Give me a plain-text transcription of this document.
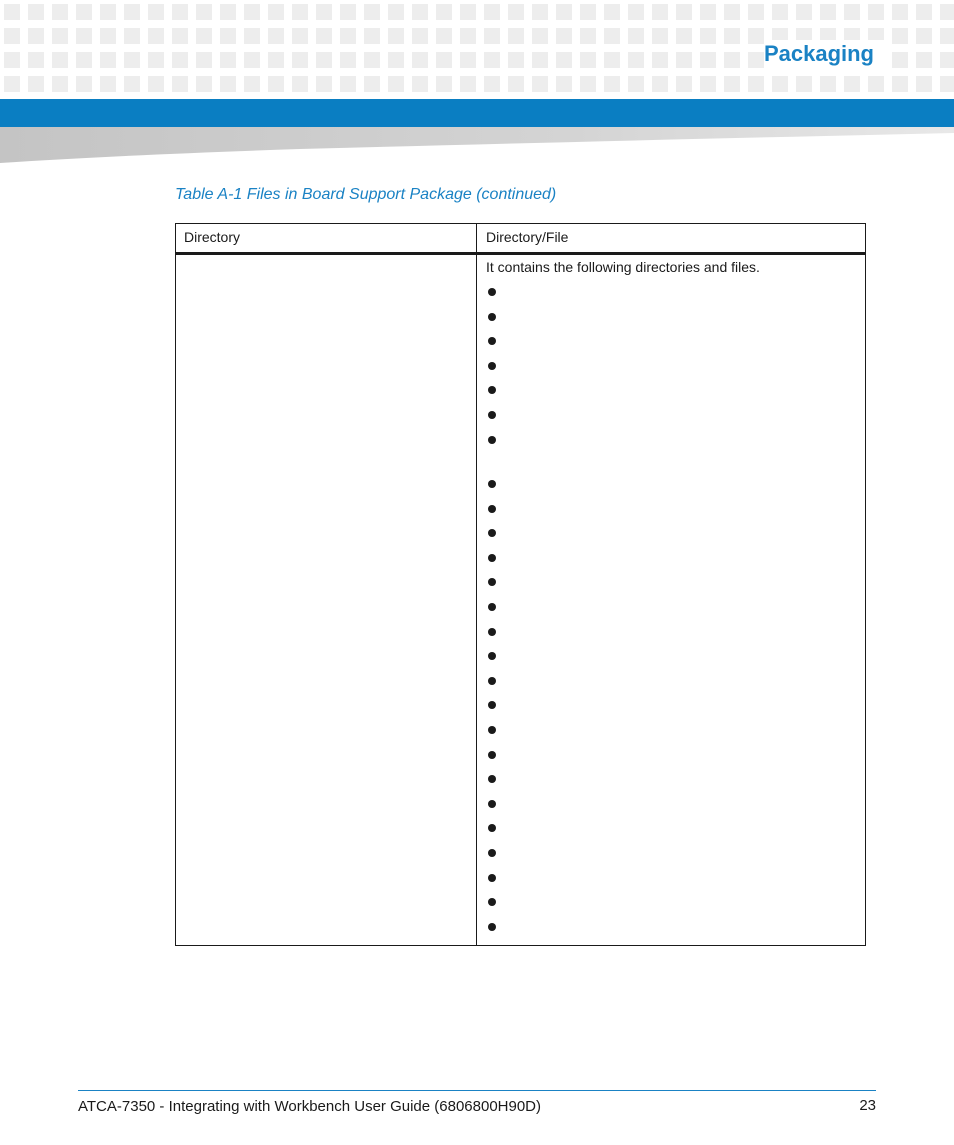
Packaging
Table A-1 Files in Board Support Package (continued)
Directory	Directory/File
It contains the following directories and files.
ATCA-7350 - Integrating with Workbench User Guide (6806800H90D)	23
